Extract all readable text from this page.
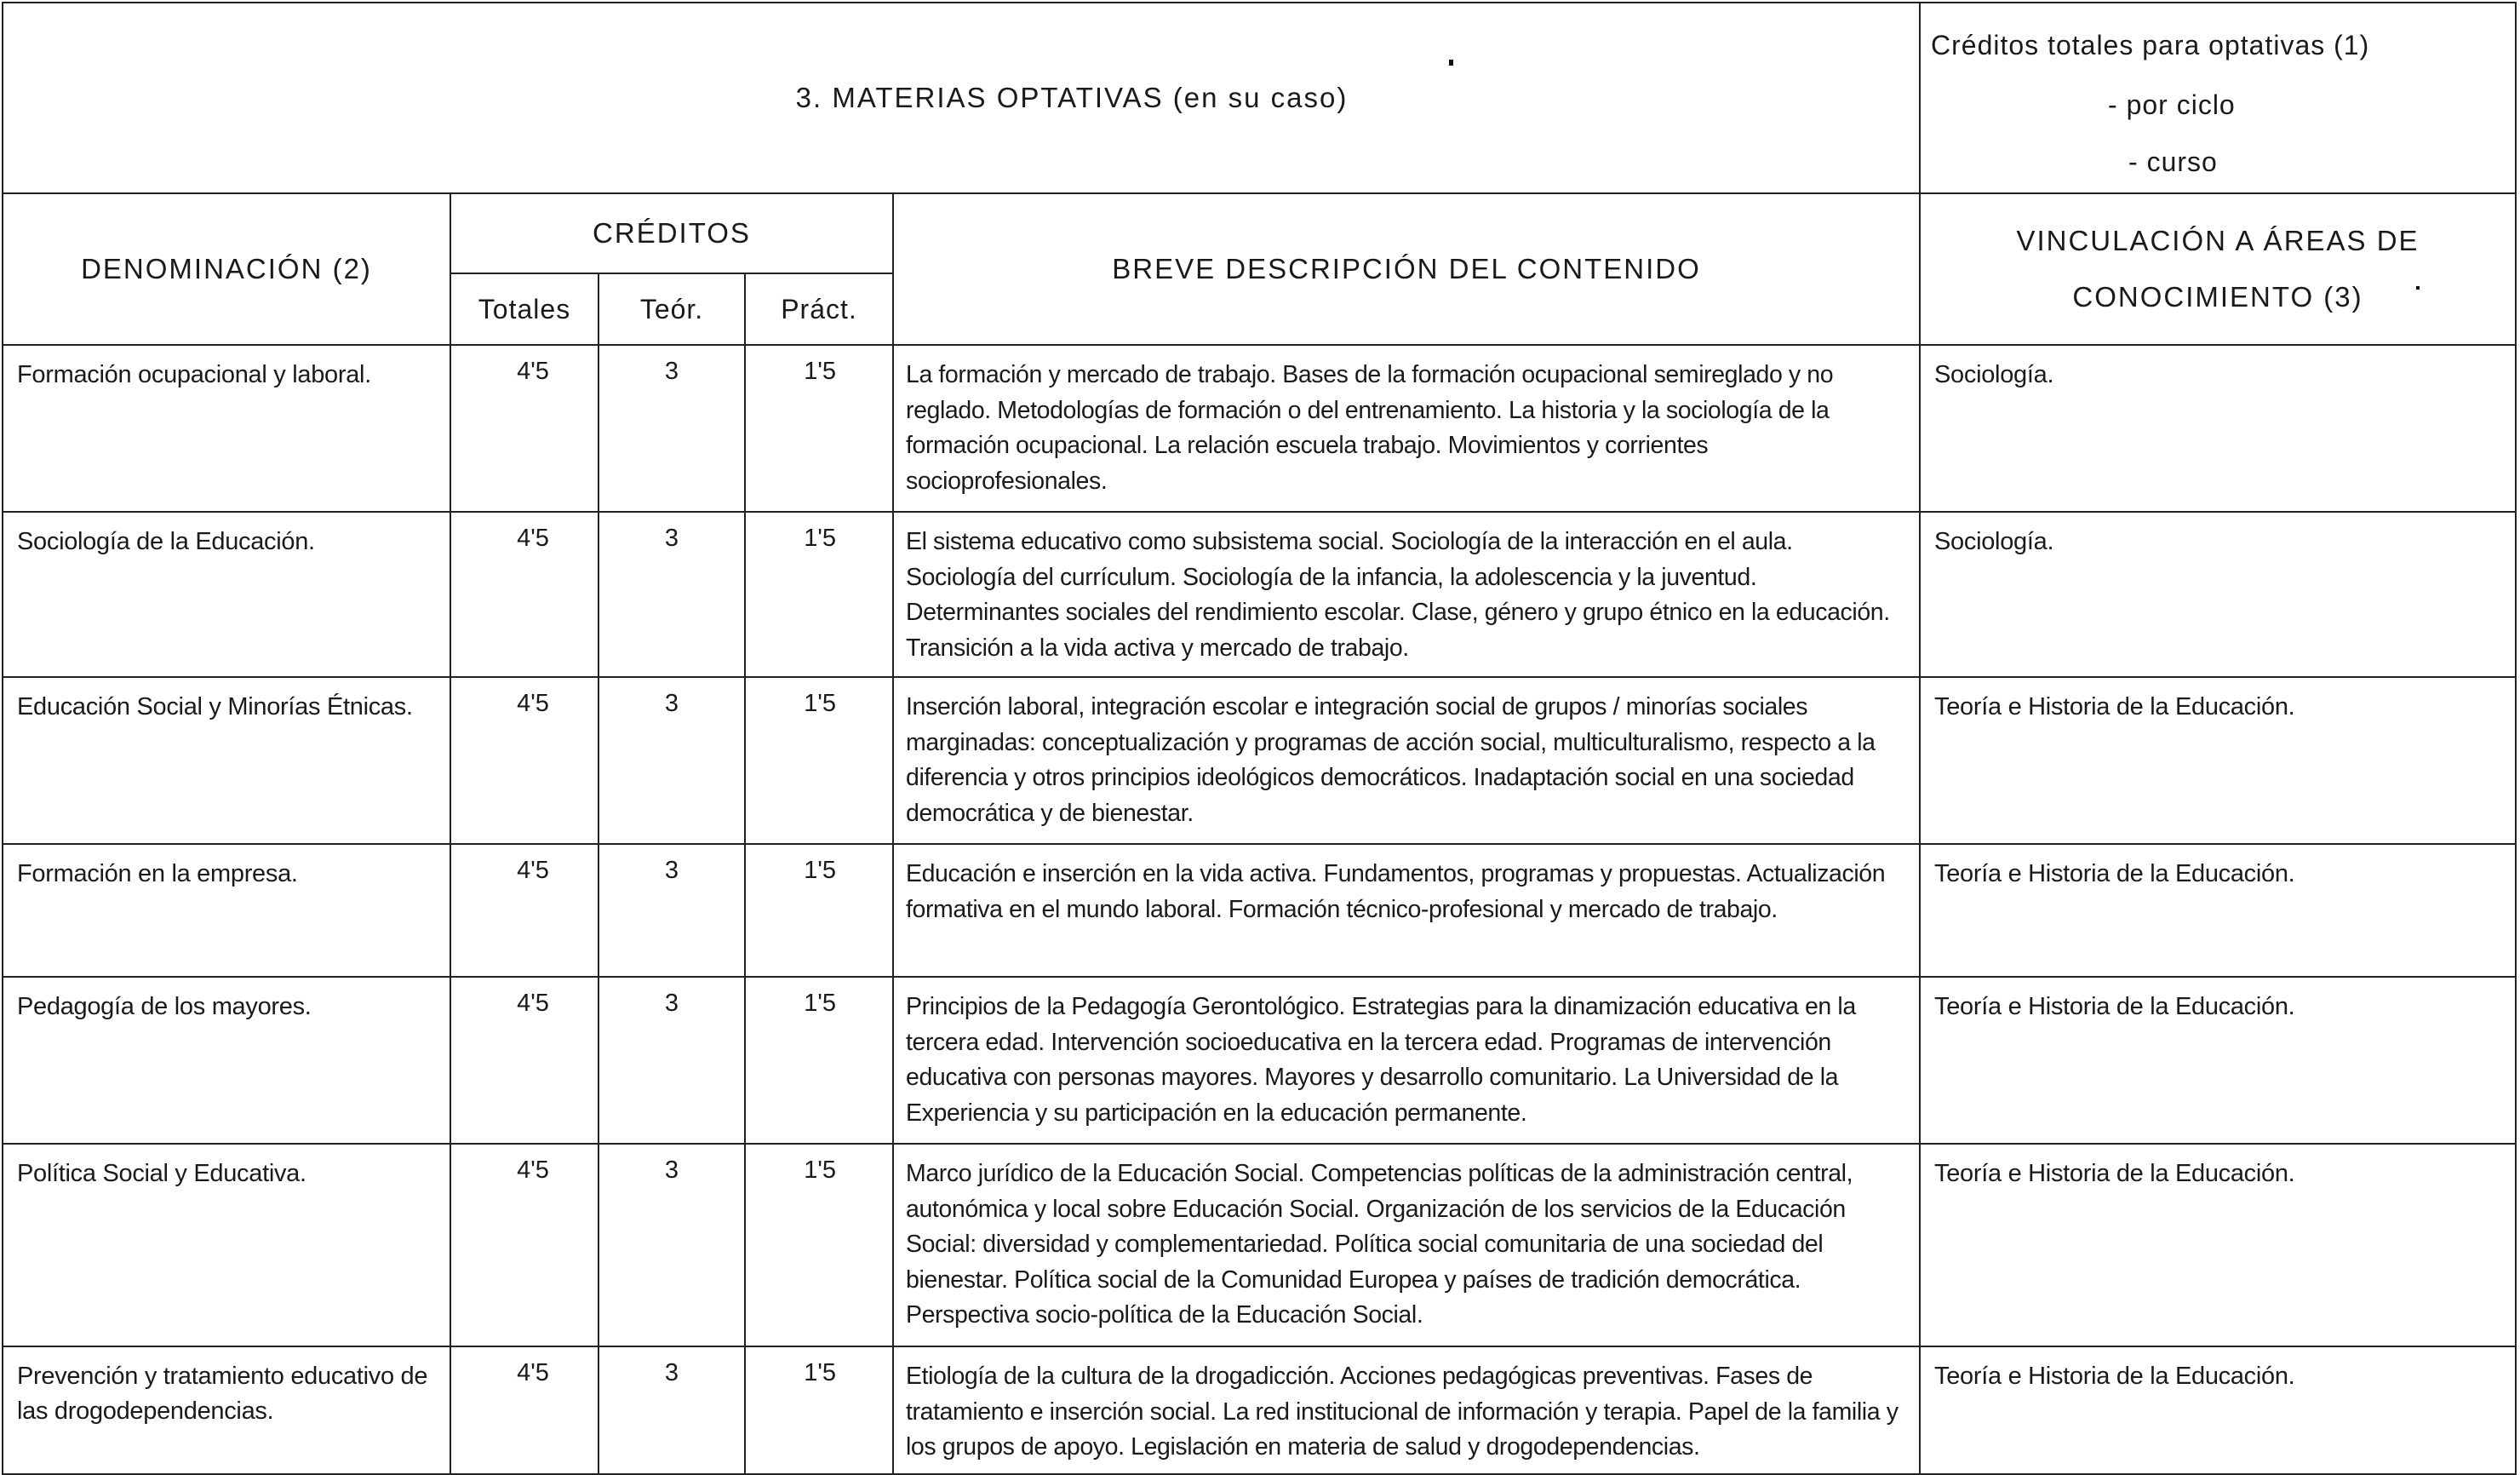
3. MATERIAS OPTATIVAS (en su caso)					Créditos totales para optativas (1)
- por ciclo
- curso

DENOMINACIÓN (2)	CRÉDITOS			BREVE DESCRIPCIÓN DEL CONTENIDO	VINCULACIÓN A ÁREAS DE
CONOCIMIENTO (3)

	Totales	Teór.	Práct.		
Formación ocupacional y laboral.	4'5	3	1'5	La formación y mercado de trabajo. Bases de la formación ocupacional semireglado y no reglado. Metodologías de formación o del entrenamiento. La historia y la sociología de la formación ocupacional. La relación escuela trabajo. Movimientos y corrientes socioprofesionales.	Sociología.
Sociología de la Educación.	4'5	3	1'5	El sistema educativo como subsistema social. Sociología de la interacción en el aula. Sociología del currículum. Sociología de la infancia, la adolescencia y la juventud. Determinantes sociales del rendimiento escolar. Clase, género y grupo étnico en la educación. Transición a la vida activa y mercado de trabajo.	Sociología.
Educación Social y Minorías Étnicas.	4'5	3	1'5	Inserción laboral, integración escolar e integración social de grupos / minorías sociales marginadas: conceptualización y programas de acción social, multiculturalismo, respecto a la diferencia y otros principios ideológicos democráticos. Inadaptación social en una sociedad democrática y de bienestar.	Teoría e Historia de la Educación.
Formación en la empresa.	4'5	3	1'5	Educación e inserción en la vida activa. Fundamentos, programas y propuestas. Actualización formativa en el mundo laboral. Formación técnico-profesional y mercado de trabajo.	Teoría e Historia de la Educación.
Pedagogía de los mayores.	4'5	3	1'5	Principios de la Pedagogía Gerontológico. Estrategias para la dinamización educativa en la tercera edad. Intervención socioeducativa en la tercera edad. Programas de intervención educativa con personas mayores. Mayores y desarrollo comunitario. La Universidad de la Experiencia y su participación en la educación permanente.	Teoría e Historia de la Educación.
Política Social y Educativa.	4'5	3	1'5	Marco jurídico de la Educación Social. Competencias políticas de la administración central, autonómica y local sobre Educación Social. Organización de los servicios de la Educación Social: diversidad y complementariedad. Política social comunitaria de una sociedad del bienestar. Política social de la Comunidad Europea y países de tradición democrática. Perspectiva socio-política de la Educación Social.	Teoría e Historia de la Educación.
Prevención y tratamiento educativo de las drogodependencias.	4'5	3	1'5	Etiología de la cultura de la drogadicción. Acciones pedagógicas preventivas. Fases de tratamiento e inserción social. La red institucional de información y terapia. Papel de la familia y los grupos de apoyo. Legislación en materia de salud y drogodependencias.	Teoría e Historia de la Educación.
